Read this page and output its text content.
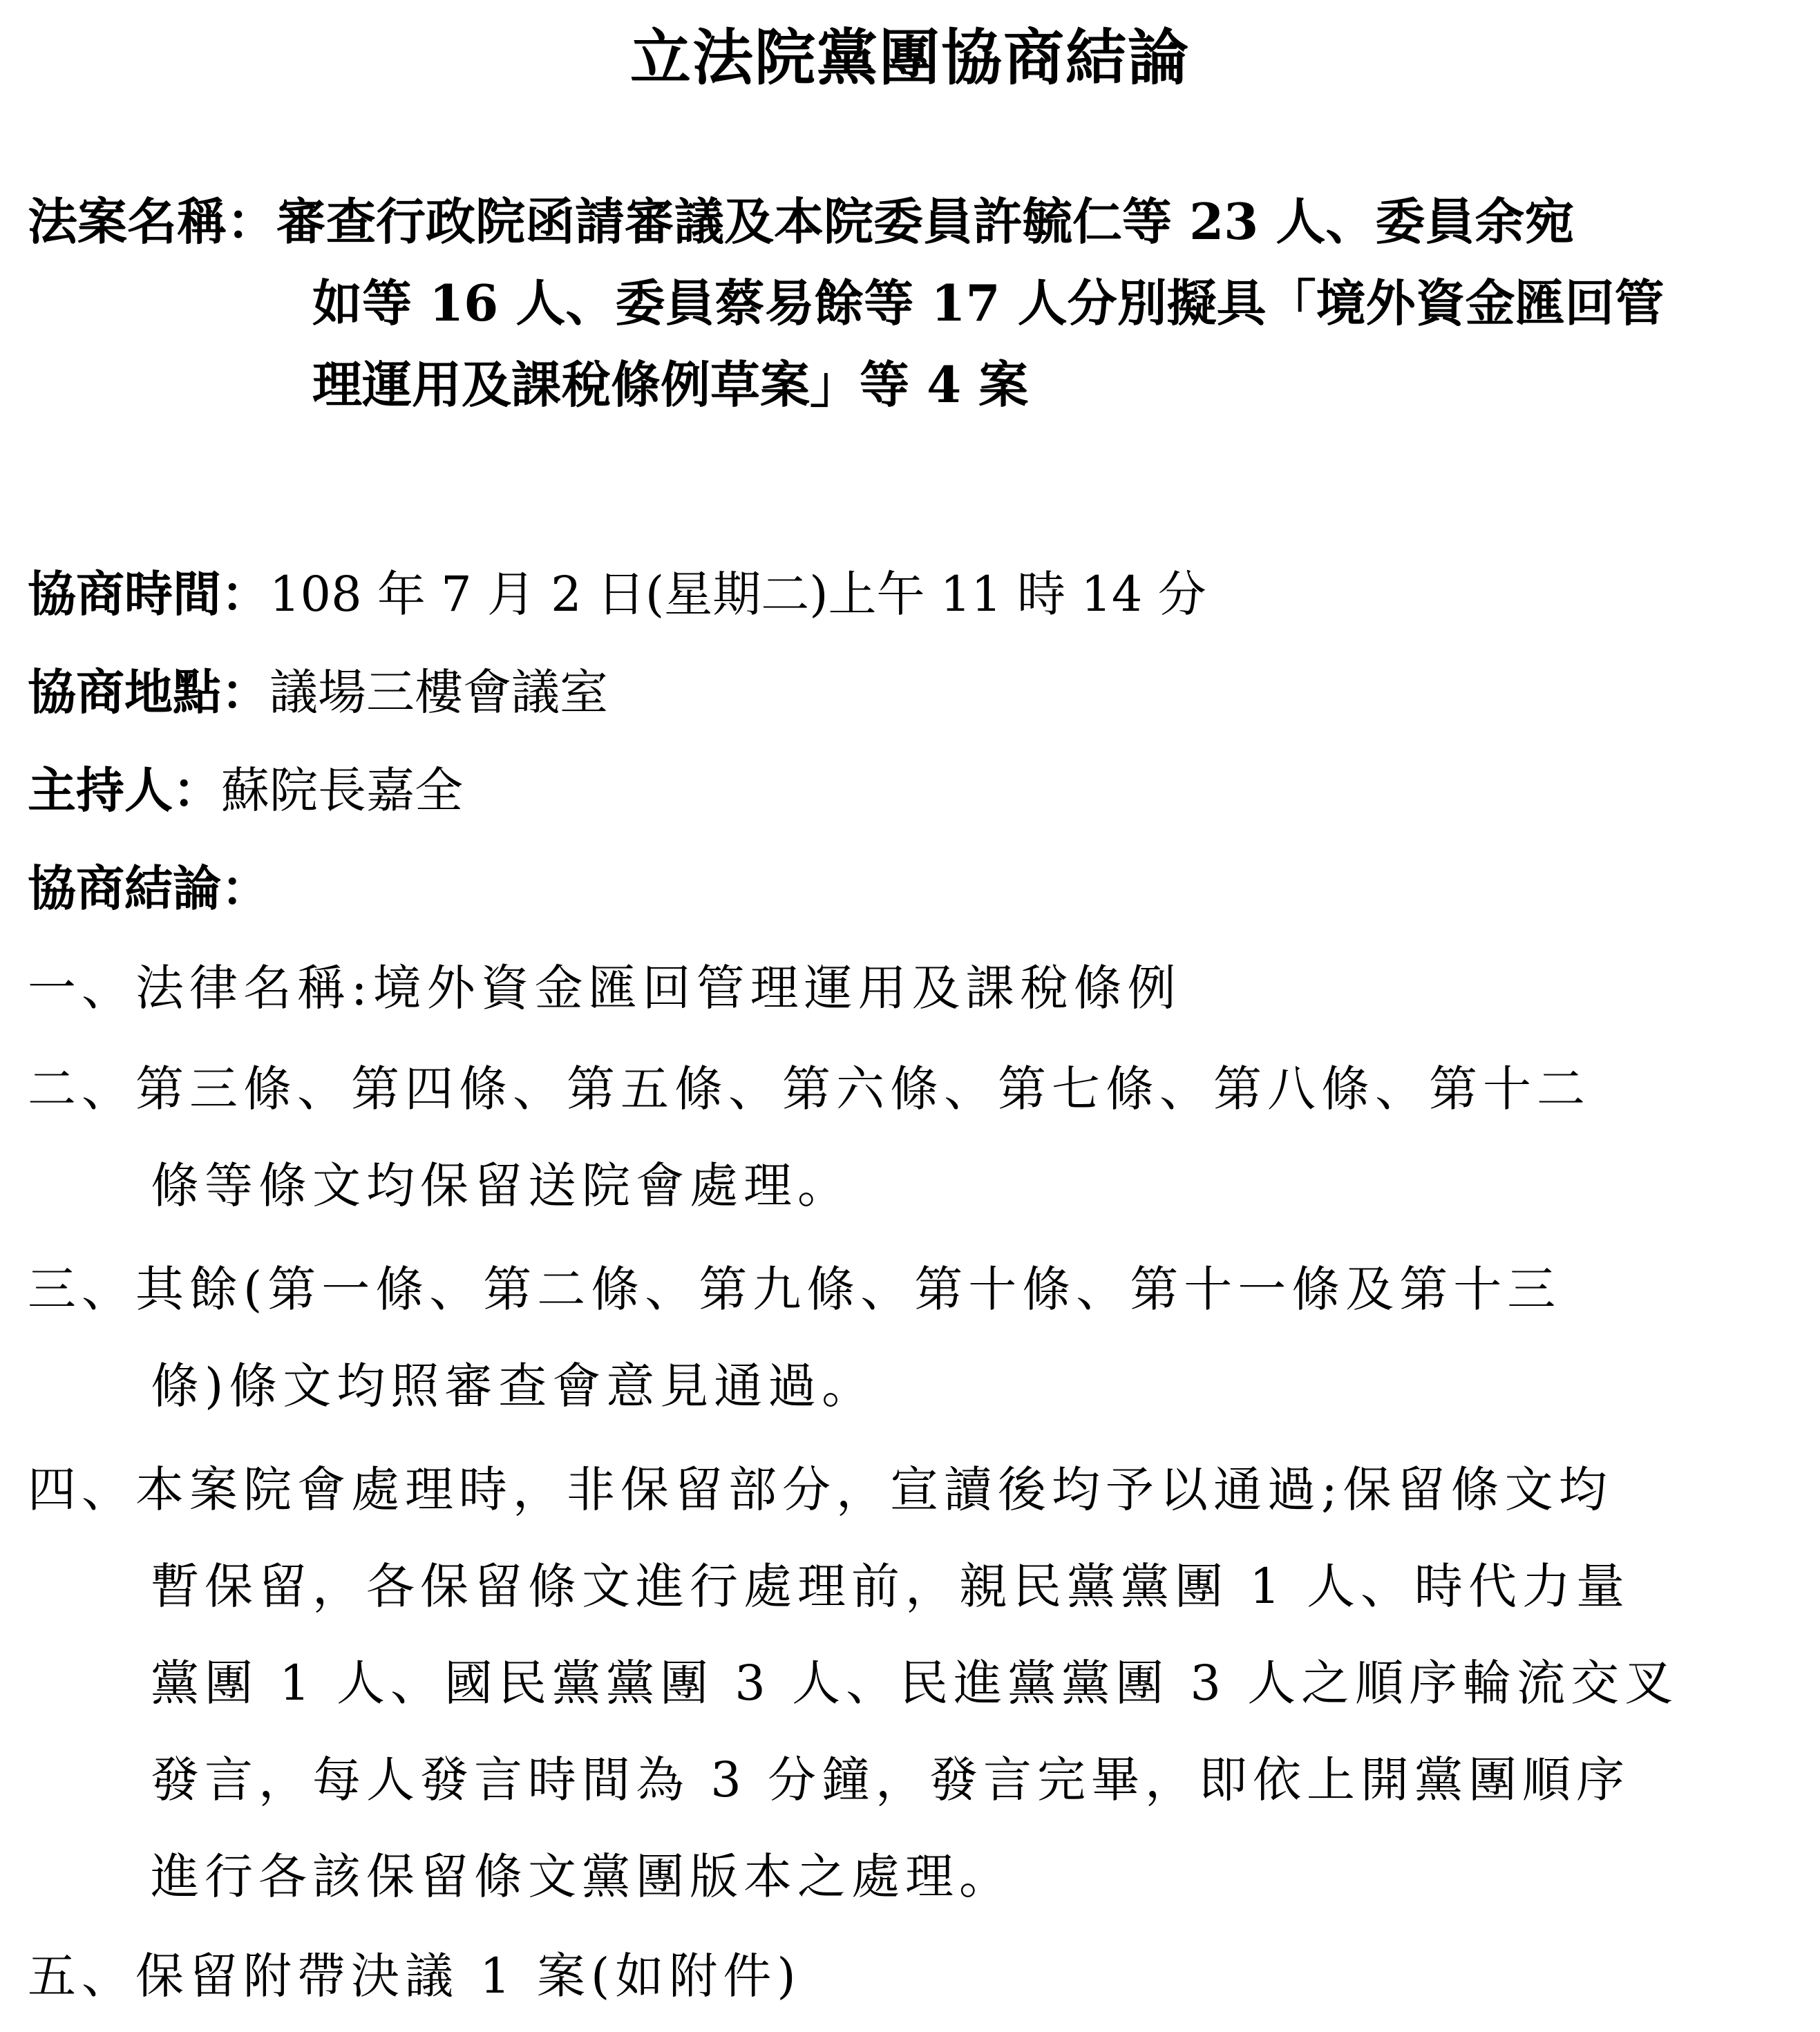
立法院黨團協商結論
法案名稱：審查行政院函請審議及本院委員許毓仁等 23 人、委員余宛
如等 16 人、委員蔡易餘等 17 人分別擬具「境外資金匯回管
理運用及課稅條例草案」等 4 案
協商時間：108 年 7 月 2 日(星期二)上午 11 時 14 分
協商地點：議場三樓會議室
主持人：蘇院長嘉全
協商結論：
一、法律名稱:境外資金匯回管理運用及課稅條例
二、第三條、第四條、第五條、第六條、第七條、第八條、第十二
條等條文均保留送院會處理。
三、其餘(第一條、第二條、第九條、第十條、第十一條及第十三
條)條文均照審查會意見通過。
四、本案院會處理時，非保留部分，宣讀後均予以通過;保留條文均
暫保留，各保留條文進行處理前，親民黨黨團 1 人、時代力量
黨團 1 人、國民黨黨團 3 人、民進黨黨團 3 人之順序輪流交叉
發言，每人發言時間為 3 分鐘，發言完畢，即依上開黨團順序
進行各該保留條文黨團版本之處理。
五、保留附帶決議 1 案(如附件)
